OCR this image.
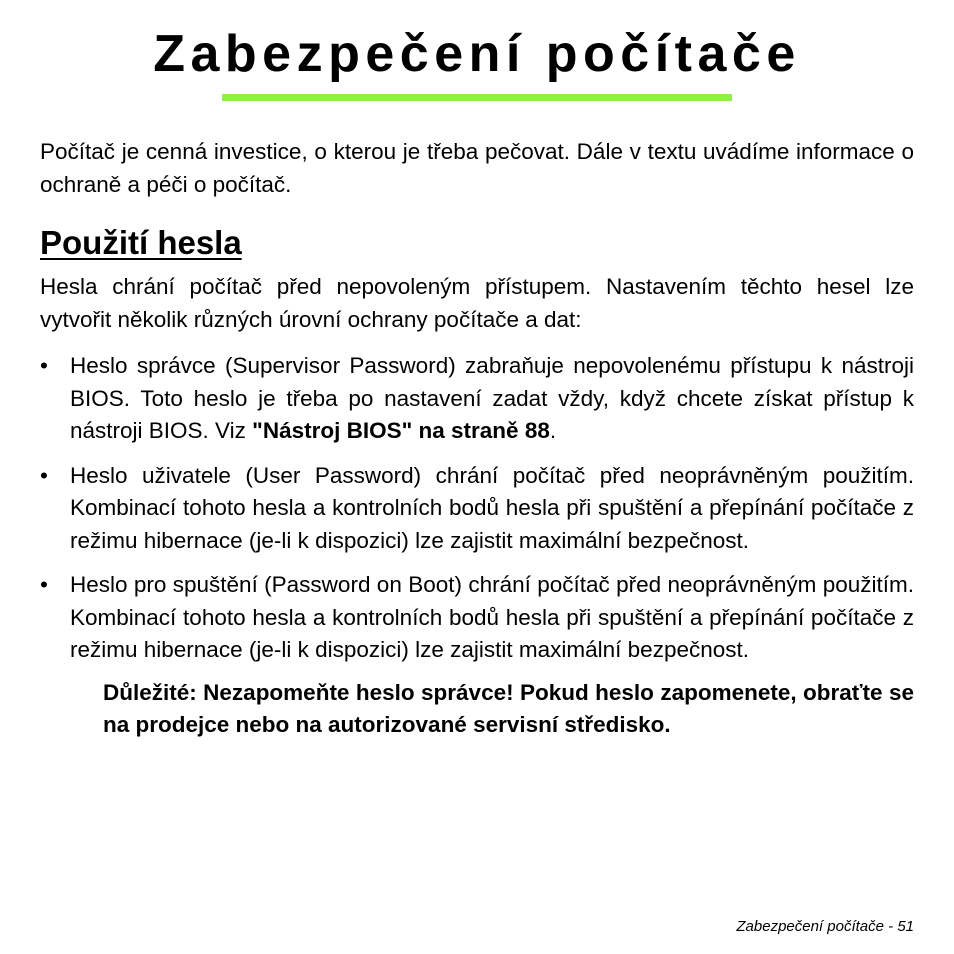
Zabezpečení počítače

Počítač je cenná investice, o kterou je třeba pečovat. Dále v textu uvádíme informace o ochraně a péči o počítač.

Použití hesla

Hesla chrání počítač před nepovoleným přístupem. Nastavením těchto hesel lze vytvořit několik různých úrovní ochrany počítače a dat:

• Heslo správce (Supervisor Password) zabraňuje nepovolenému přístupu k nástroji BIOS. Toto heslo je třeba po nastavení zadat vždy, když chcete získat přístup k nástroji BIOS. Viz "Nástroj BIOS" na straně 88.
• Heslo uživatele (User Password) chrání počítač před neoprávněným použitím. Kombinací tohoto hesla a kontrolních bodů hesla při spuštění a přepínání počítače z režimu hibernace (je-li k dispozici) lze zajistit maximální bezpečnost.
• Heslo pro spuštění (Password on Boot) chrání počítač před neoprávněným použitím. Kombinací tohoto hesla a kontrolních bodů hesla při spuštění a přepínání počítače z režimu hibernace (je-li k dispozici) lze zajistit maximální bezpečnost.

Důležité: Nezapomeňte heslo správce! Pokud heslo zapomenete, obraťte se na prodejce nebo na autorizované servisní středisko.

Zabezpečení počítače - 51
